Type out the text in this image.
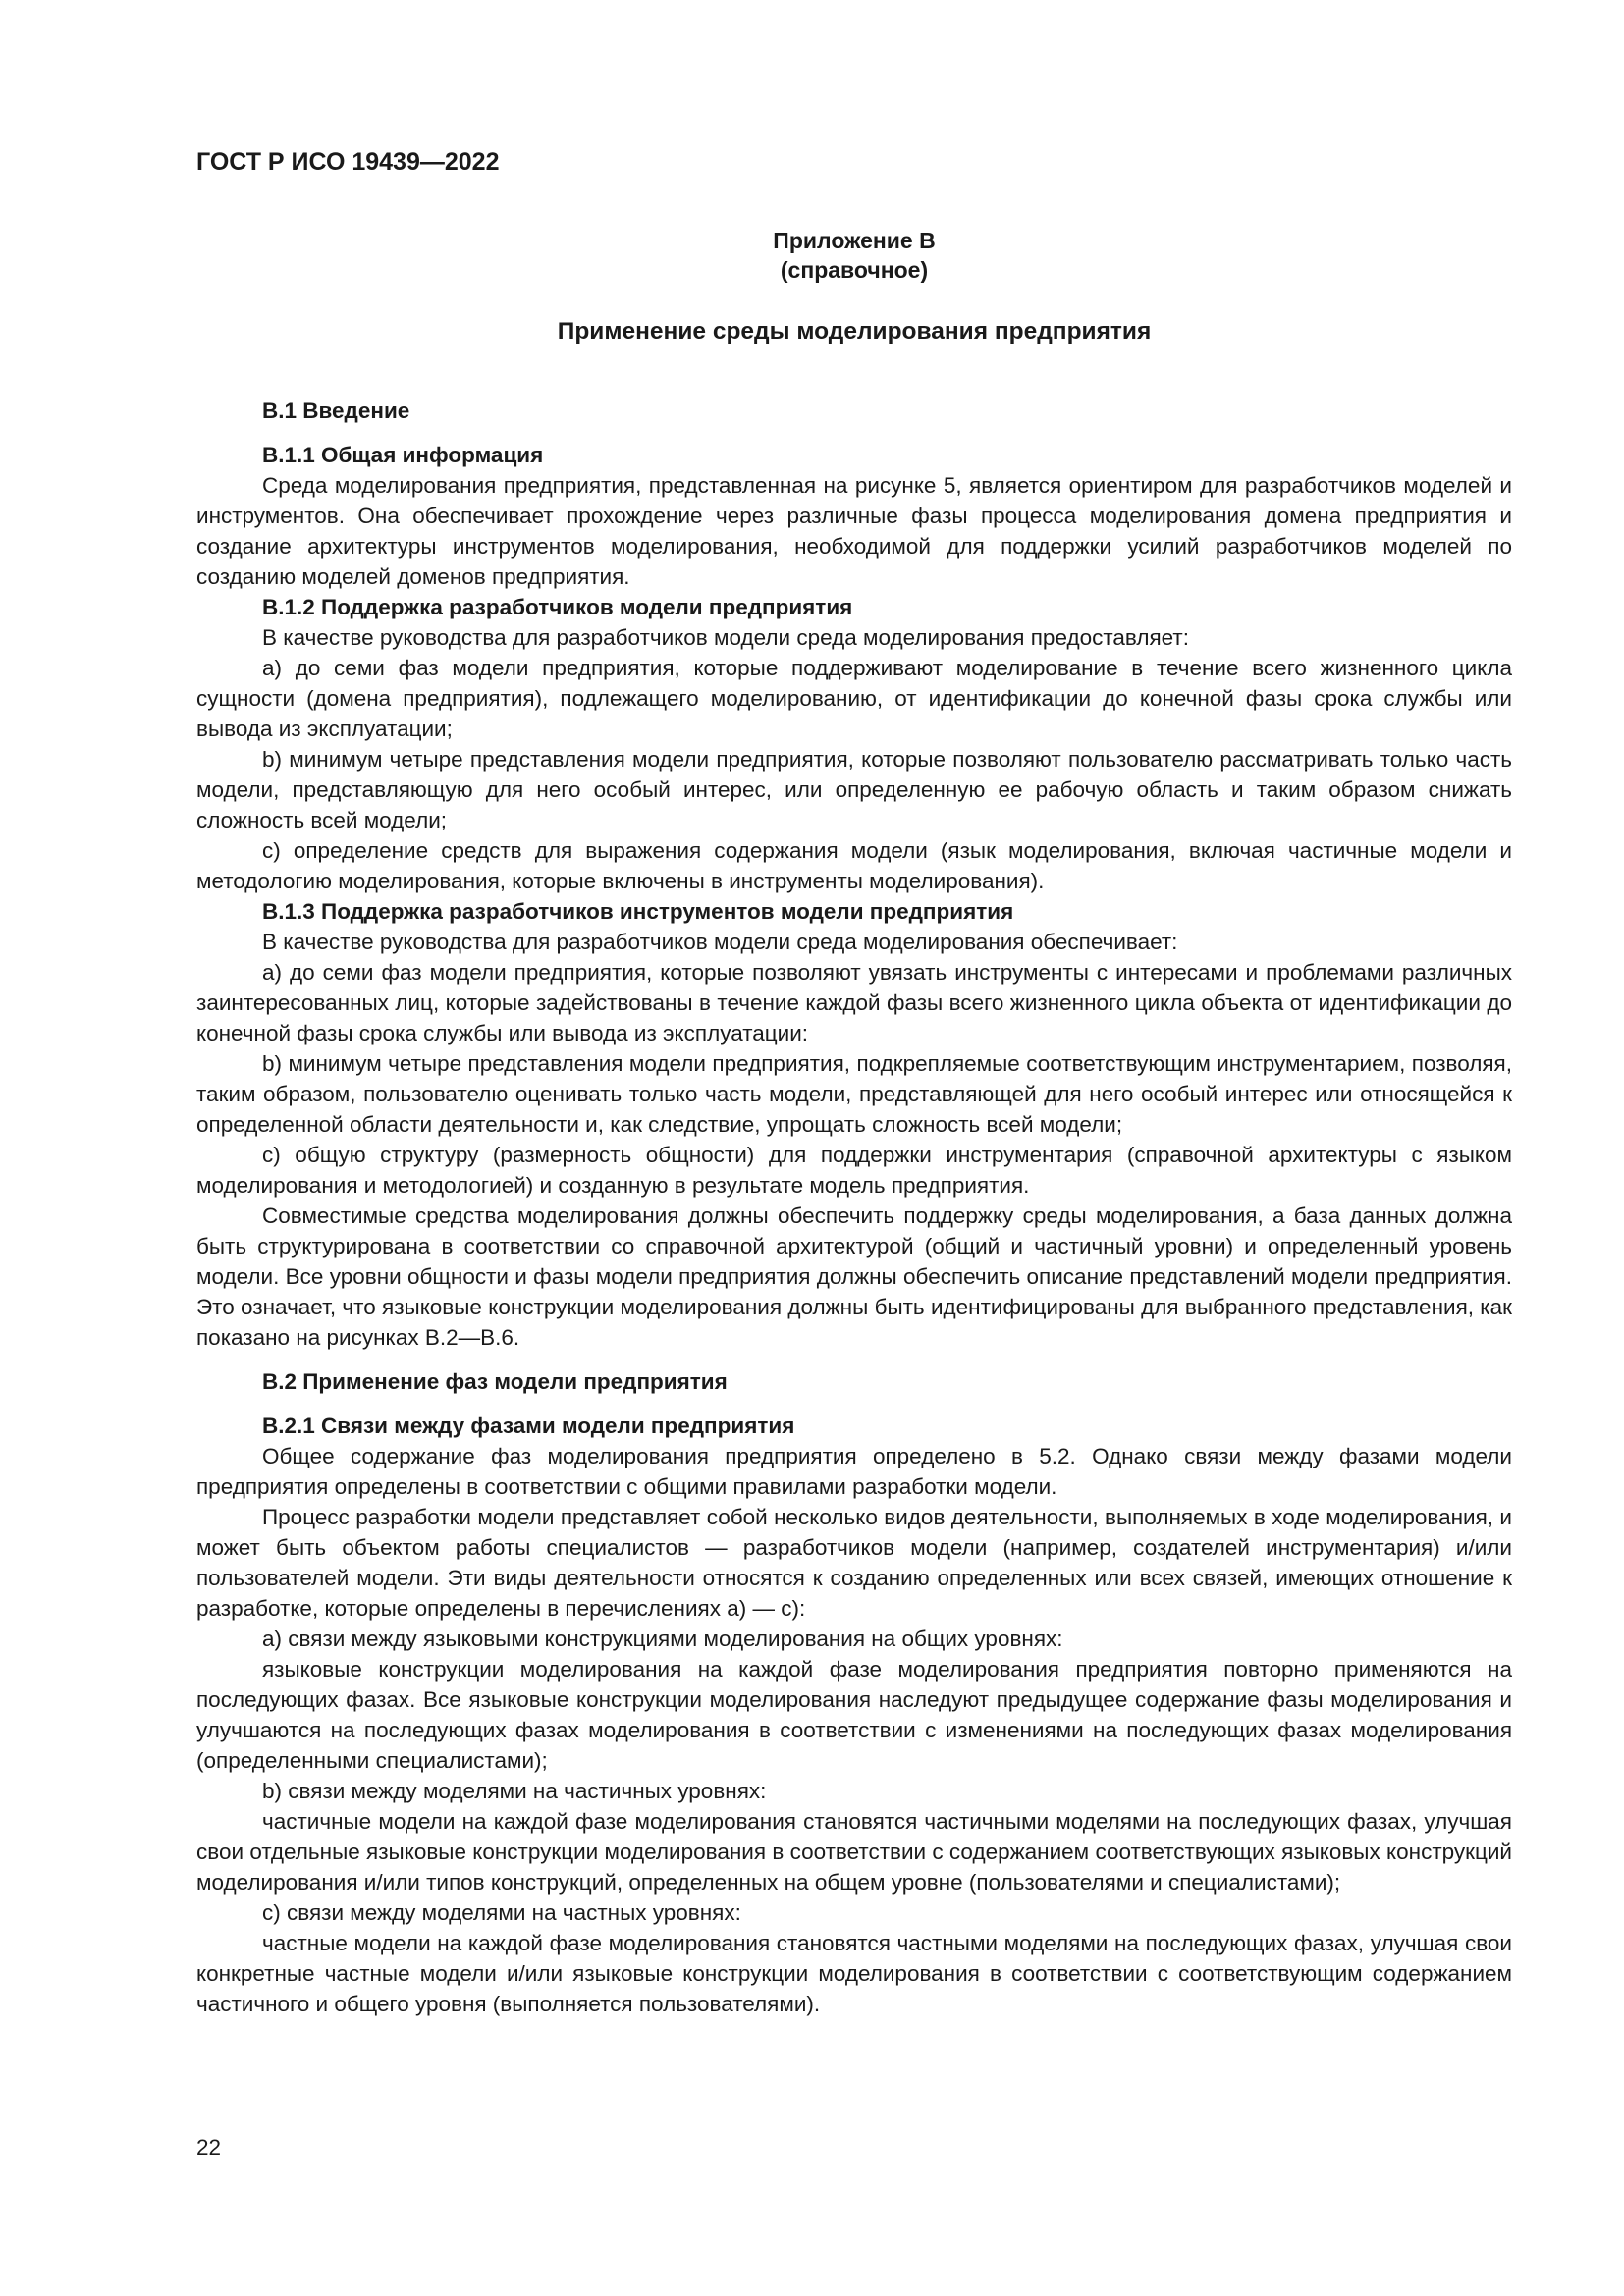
ГОСТ Р ИСО 19439—2022
Приложение B
(справочное)
Применение среды моделирования предприятия

B.1 Введение

B.1.1 Общая информация

Среда моделирования предприятия, представленная на рисунке 5, является ориентиром для разработчиков моделей и инструментов. Она обеспечивает прохождение через различные фазы процесса моделирования домена предприятия и создание архитектуры инструментов моделирования, необходимой для поддержки усилий разработчиков моделей по созданию моделей доменов предприятия.

B.1.2 Поддержка разработчиков модели предприятия

В качестве руководства для разработчиков модели среда моделирования предоставляет:

a) до семи фаз модели предприятия, которые поддерживают моделирование в течение всего жизненного цикла сущности (домена предприятия), подлежащего моделированию, от идентификации до конечной фазы срока службы или вывода из эксплуатации;

b) минимум четыре представления модели предприятия, которые позволяют пользователю рассматривать только часть модели, представляющую для него особый интерес, или определенную ее рабочую область и таким образом снижать сложность всей модели;

c) определение средств для выражения содержания модели (язык моделирования, включая частичные модели и методологию моделирования, которые включены в инструменты моделирования).

B.1.3 Поддержка разработчиков инструментов модели предприятия

В качестве руководства для разработчиков модели среда моделирования обеспечивает:

a) до семи фаз модели предприятия, которые позволяют увязать инструменты с интересами и проблемами различных заинтересованных лиц, которые задействованы в течение каждой фазы всего жизненного цикла объекта от идентификации до конечной фазы срока службы или вывода из эксплуатации:

b) минимум четыре представления модели предприятия, подкрепляемые соответствующим инструментарием, позволяя, таким образом, пользователю оценивать только часть модели, представляющей для него особый интерес или относящейся к определенной области деятельности и, как следствие, упрощать сложность всей модели;

c) общую структуру (размерность общности) для поддержки инструментария (справочной архитектуры с языком моделирования и методологией) и созданную в результате модель предприятия.

Совместимые средства моделирования должны обеспечить поддержку среды моделирования, а база данных должна быть структурирована в соответствии со справочной архитектурой (общий и частичный уровни) и определенный уровень модели. Все уровни общности и фазы модели предприятия должны обеспечить описание представлений модели предприятия. Это означает, что языковые конструкции моделирования должны быть идентифицированы для выбранного представления, как показано на рисунках B.2—B.6.

B.2 Применение фаз модели предприятия

B.2.1 Связи между фазами модели предприятия

Общее содержание фаз моделирования предприятия определено в 5.2. Однако связи между фазами модели предприятия определены в соответствии с общими правилами разработки модели.

Процесс разработки модели представляет собой несколько видов деятельности, выполняемых в ходе моделирования, и может быть объектом работы специалистов — разработчиков модели (например, создателей инструментария) и/или пользователей модели. Эти виды деятельности относятся к созданию определенных или всех связей, имеющих отношение к разработке, которые определены в перечислениях a) — c):

a) связи между языковыми конструкциями моделирования на общих уровнях:

языковые конструкции моделирования на каждой фазе моделирования предприятия повторно применяются на последующих фазах. Все языковые конструкции моделирования наследуют предыдущее содержание фазы моделирования и улучшаются на последующих фазах моделирования в соответствии с изменениями на последующих фазах моделирования (определенными специалистами);

b) связи между моделями на частичных уровнях:

частичные модели на каждой фазе моделирования становятся частичными моделями на последующих фазах, улучшая свои отдельные языковые конструкции моделирования в соответствии с содержанием соответствующих языковых конструкций моделирования и/или типов конструкций, определенных на общем уровне (пользователями и специалистами);

c) связи между моделями на частных уровнях:

частные модели на каждой фазе моделирования становятся частными моделями на последующих фазах, улучшая свои конкретные частные модели и/или языковые конструкции моделирования в соответствии с соответствующим содержанием частичного и общего уровня (выполняется пользователями).

22
